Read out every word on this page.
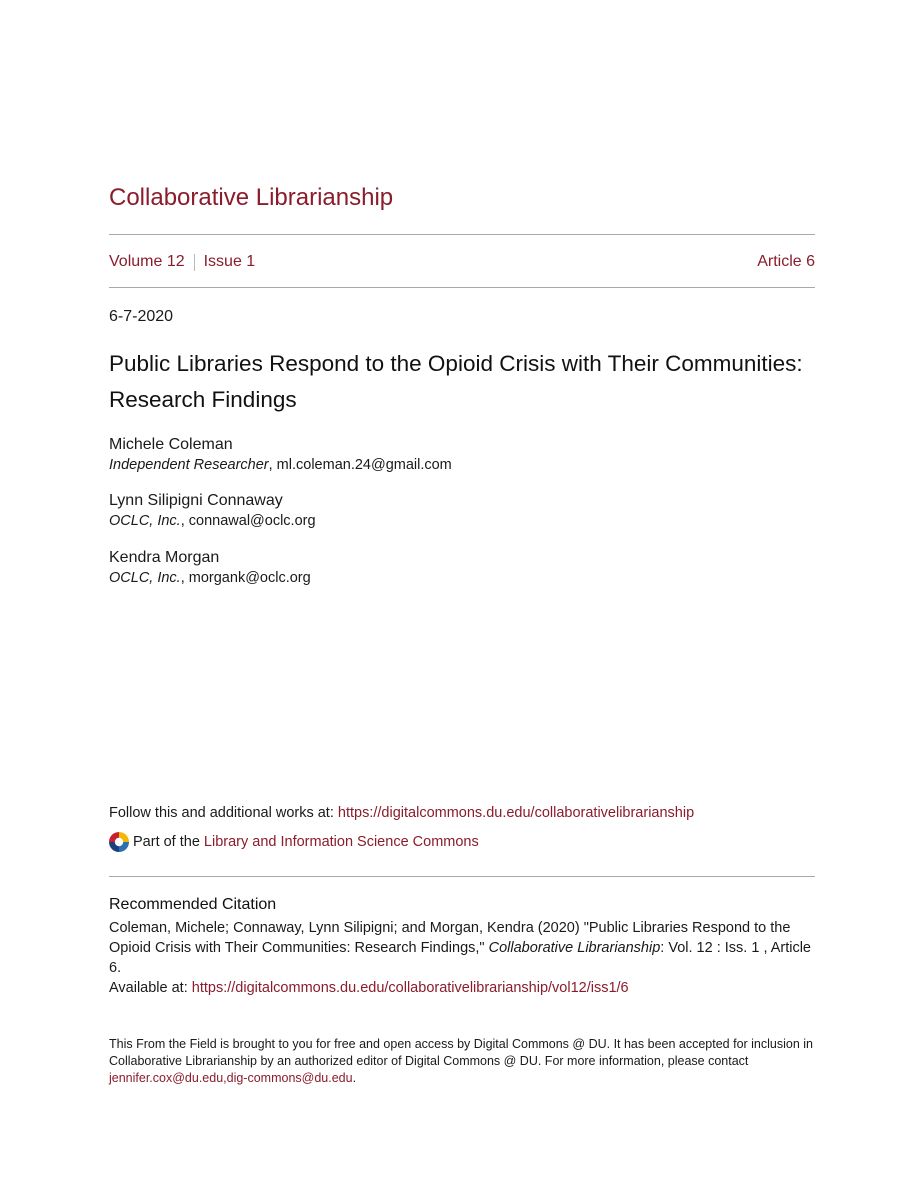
Collaborative Librarianship
Volume 12 Issue 1	Article 6
6-7-2020
Public Libraries Respond to the Opioid Crisis with Their Communities: Research Findings
Michele Coleman
Independent Researcher, ml.coleman.24@gmail.com
Lynn Silipigni Connaway
OCLC, Inc., connawal@oclc.org
Kendra Morgan
OCLC, Inc., morgank@oclc.org
Follow this and additional works at: https://digitalcommons.du.edu/collaborativelibrarianship
Part of the Library and Information Science Commons
Recommended Citation
Coleman, Michele; Connaway, Lynn Silipigni; and Morgan, Kendra (2020) "Public Libraries Respond to the Opioid Crisis with Their Communities: Research Findings," Collaborative Librarianship: Vol. 12 : Iss. 1 , Article 6.
Available at: https://digitalcommons.du.edu/collaborativelibrarianship/vol12/iss1/6
This From the Field is brought to you for free and open access by Digital Commons @ DU. It has been accepted for inclusion in Collaborative Librarianship by an authorized editor of Digital Commons @ DU. For more information, please contact jennifer.cox@du.edu,dig-commons@du.edu.
